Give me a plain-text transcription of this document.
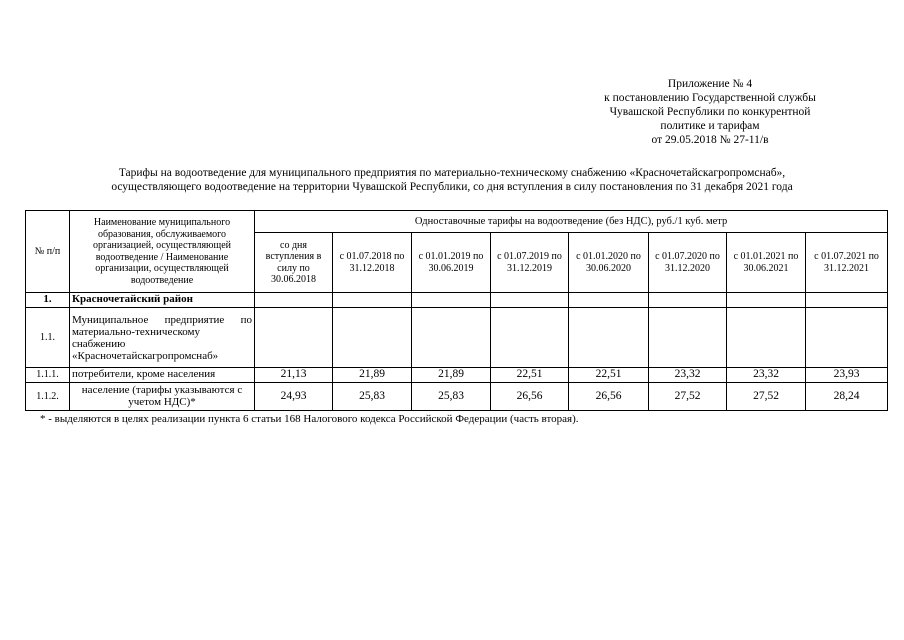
Приложение № 4
к постановлению Государственной службы
Чувашской Республики по конкурентной
политике и тарифам
от 29.05.2018 № 27-11/в
Тарифы на водоотведение для муниципального предприятия по материально-техническому снабжению «Красночетайскагропромснаб»,
осуществляющего водоотведение на территории Чувашской Республики, со дня вступления в силу постановления по 31 декабря 2021 года
№ п/п	Наименование муниципального образования, обслуживаемого организацией, осуществляющей водоотведение / Наименование организации, осуществляющей водоотведение	Одноставочные тарифы на водоотведение (без НДС), руб./1 куб. метр							
		со дня вступления в силу по 30.06.2018	с 01.07.2018 по 31.12.2018	с 01.01.2019 по 30.06.2019	с 01.07.2019 по 31.12.2019	с 01.01.2020 по 30.06.2020	с 01.07.2020 по 31.12.2020	с 01.01.2021 по 30.06.2021	с 01.07.2021 по 31.12.2021
1.	Красночетайский район								
1.1.	Муниципальное предприятие по материально-техническому снабжению «Красночетайскагропромснаб»								
1.1.1.	потребители, кроме населения	21,13	21,89	21,89	22,51	22,51	23,32	23,32	23,93
1.1.2.	население (тарифы указываются с учетом НДС)*	24,93	25,83	25,83	26,56	26,56	27,52	27,52	28,24
* - выделяются в целях реализации пункта 6 статьи 168 Налогового кодекса Российской Федерации (часть вторая).
